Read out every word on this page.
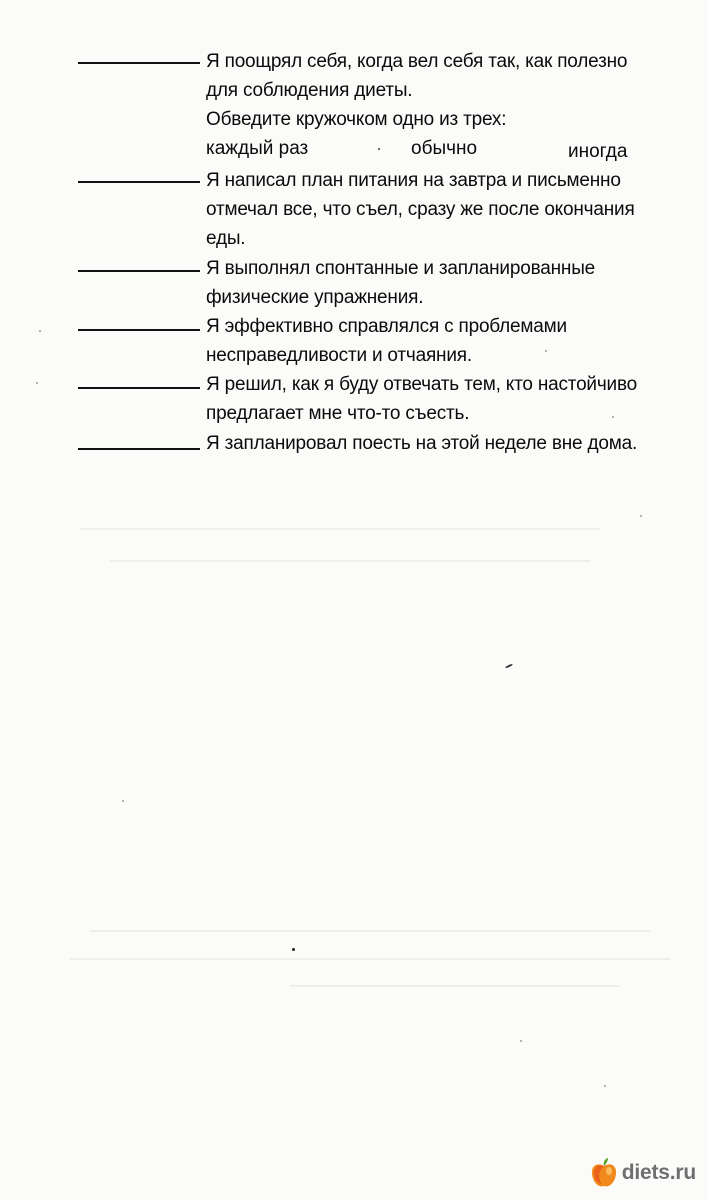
Я поощрял себя, когда вел себя так, как полезно
для соблюдения диеты.
Обведите кружочком одно из трех:
каждый раз	обычно	иногда
Я написал план питания на завтра и письменно
отмечал все, что съел, сразу же после окончания
еды.
Я выполнял спонтанные и запланированные
физические упражнения.
Я эффективно справлялся с проблемами
несправедливости и отчаяния.
Я решил, как я буду отвечать тем, кто настойчиво
предлагает мне что-то съесть.
Я запланировал поесть на этой неделе вне дома.
diets.ru
